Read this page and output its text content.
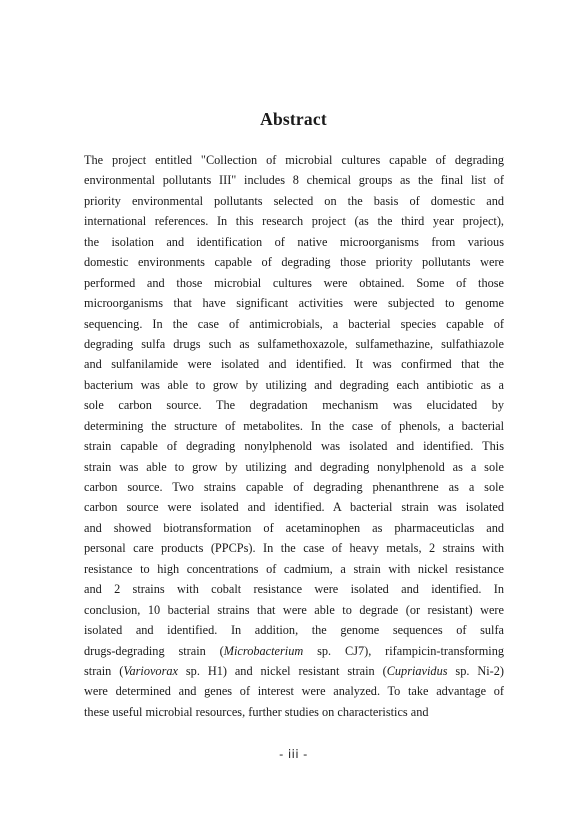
Abstract
The project entitled "Collection of microbial cultures capable of degrading
environmental pollutants III" includes 8 chemical groups as the final list of
priority environmental pollutants selected on the basis of domestic and
international references. In this research project (as the third year project),
the isolation and identification of native microorganisms from various
domestic environments capable of degrading those priority pollutants were
performed and those microbial cultures were obtained. Some of those
microorganisms that have significant activities were subjected to genome
sequencing. In the case of antimicrobials, a bacterial species capable of
degrading sulfa drugs such as sulfamethoxazole, sulfamethazine, sulfathiazole
and sulfanilamide were isolated and identified. It was confirmed that the
bacterium was able to grow by utilizing and degrading each antibiotic as a
sole carbon source. The degradation mechanism was elucidated by
determining the structure of metabolites. In the case of phenols, a bacterial
strain capable of degrading nonylphenold was isolated and identified. This
strain was able to grow by utilizing and degrading nonylphenold as a sole
carbon source. Two strains capable of degrading phenanthrene as a sole
carbon source were isolated and identified. A bacterial strain was isolated
and showed biotransformation of acetaminophen as pharmaceuticlas and
personal care products (PPCPs). In the case of heavy metals, 2 strains with
resistance to high concentrations of cadmium, a strain with nickel resistance
and 2 strains with cobalt resistance were isolated and identified. In
conclusion, 10 bacterial strains that were able to degrade (or resistant) were
isolated and identified. In addition, the genome sequences of sulfa
drugs-degrading strain (Microbacterium sp. CJ7), rifampicin-transforming
strain (Variovorax sp. H1) and nickel resistant strain (Cupriavidus sp. Ni-2)
were determined and genes of interest were analyzed. To take advantage of
these useful microbial resources, further studies on characteristics and
- iii -
